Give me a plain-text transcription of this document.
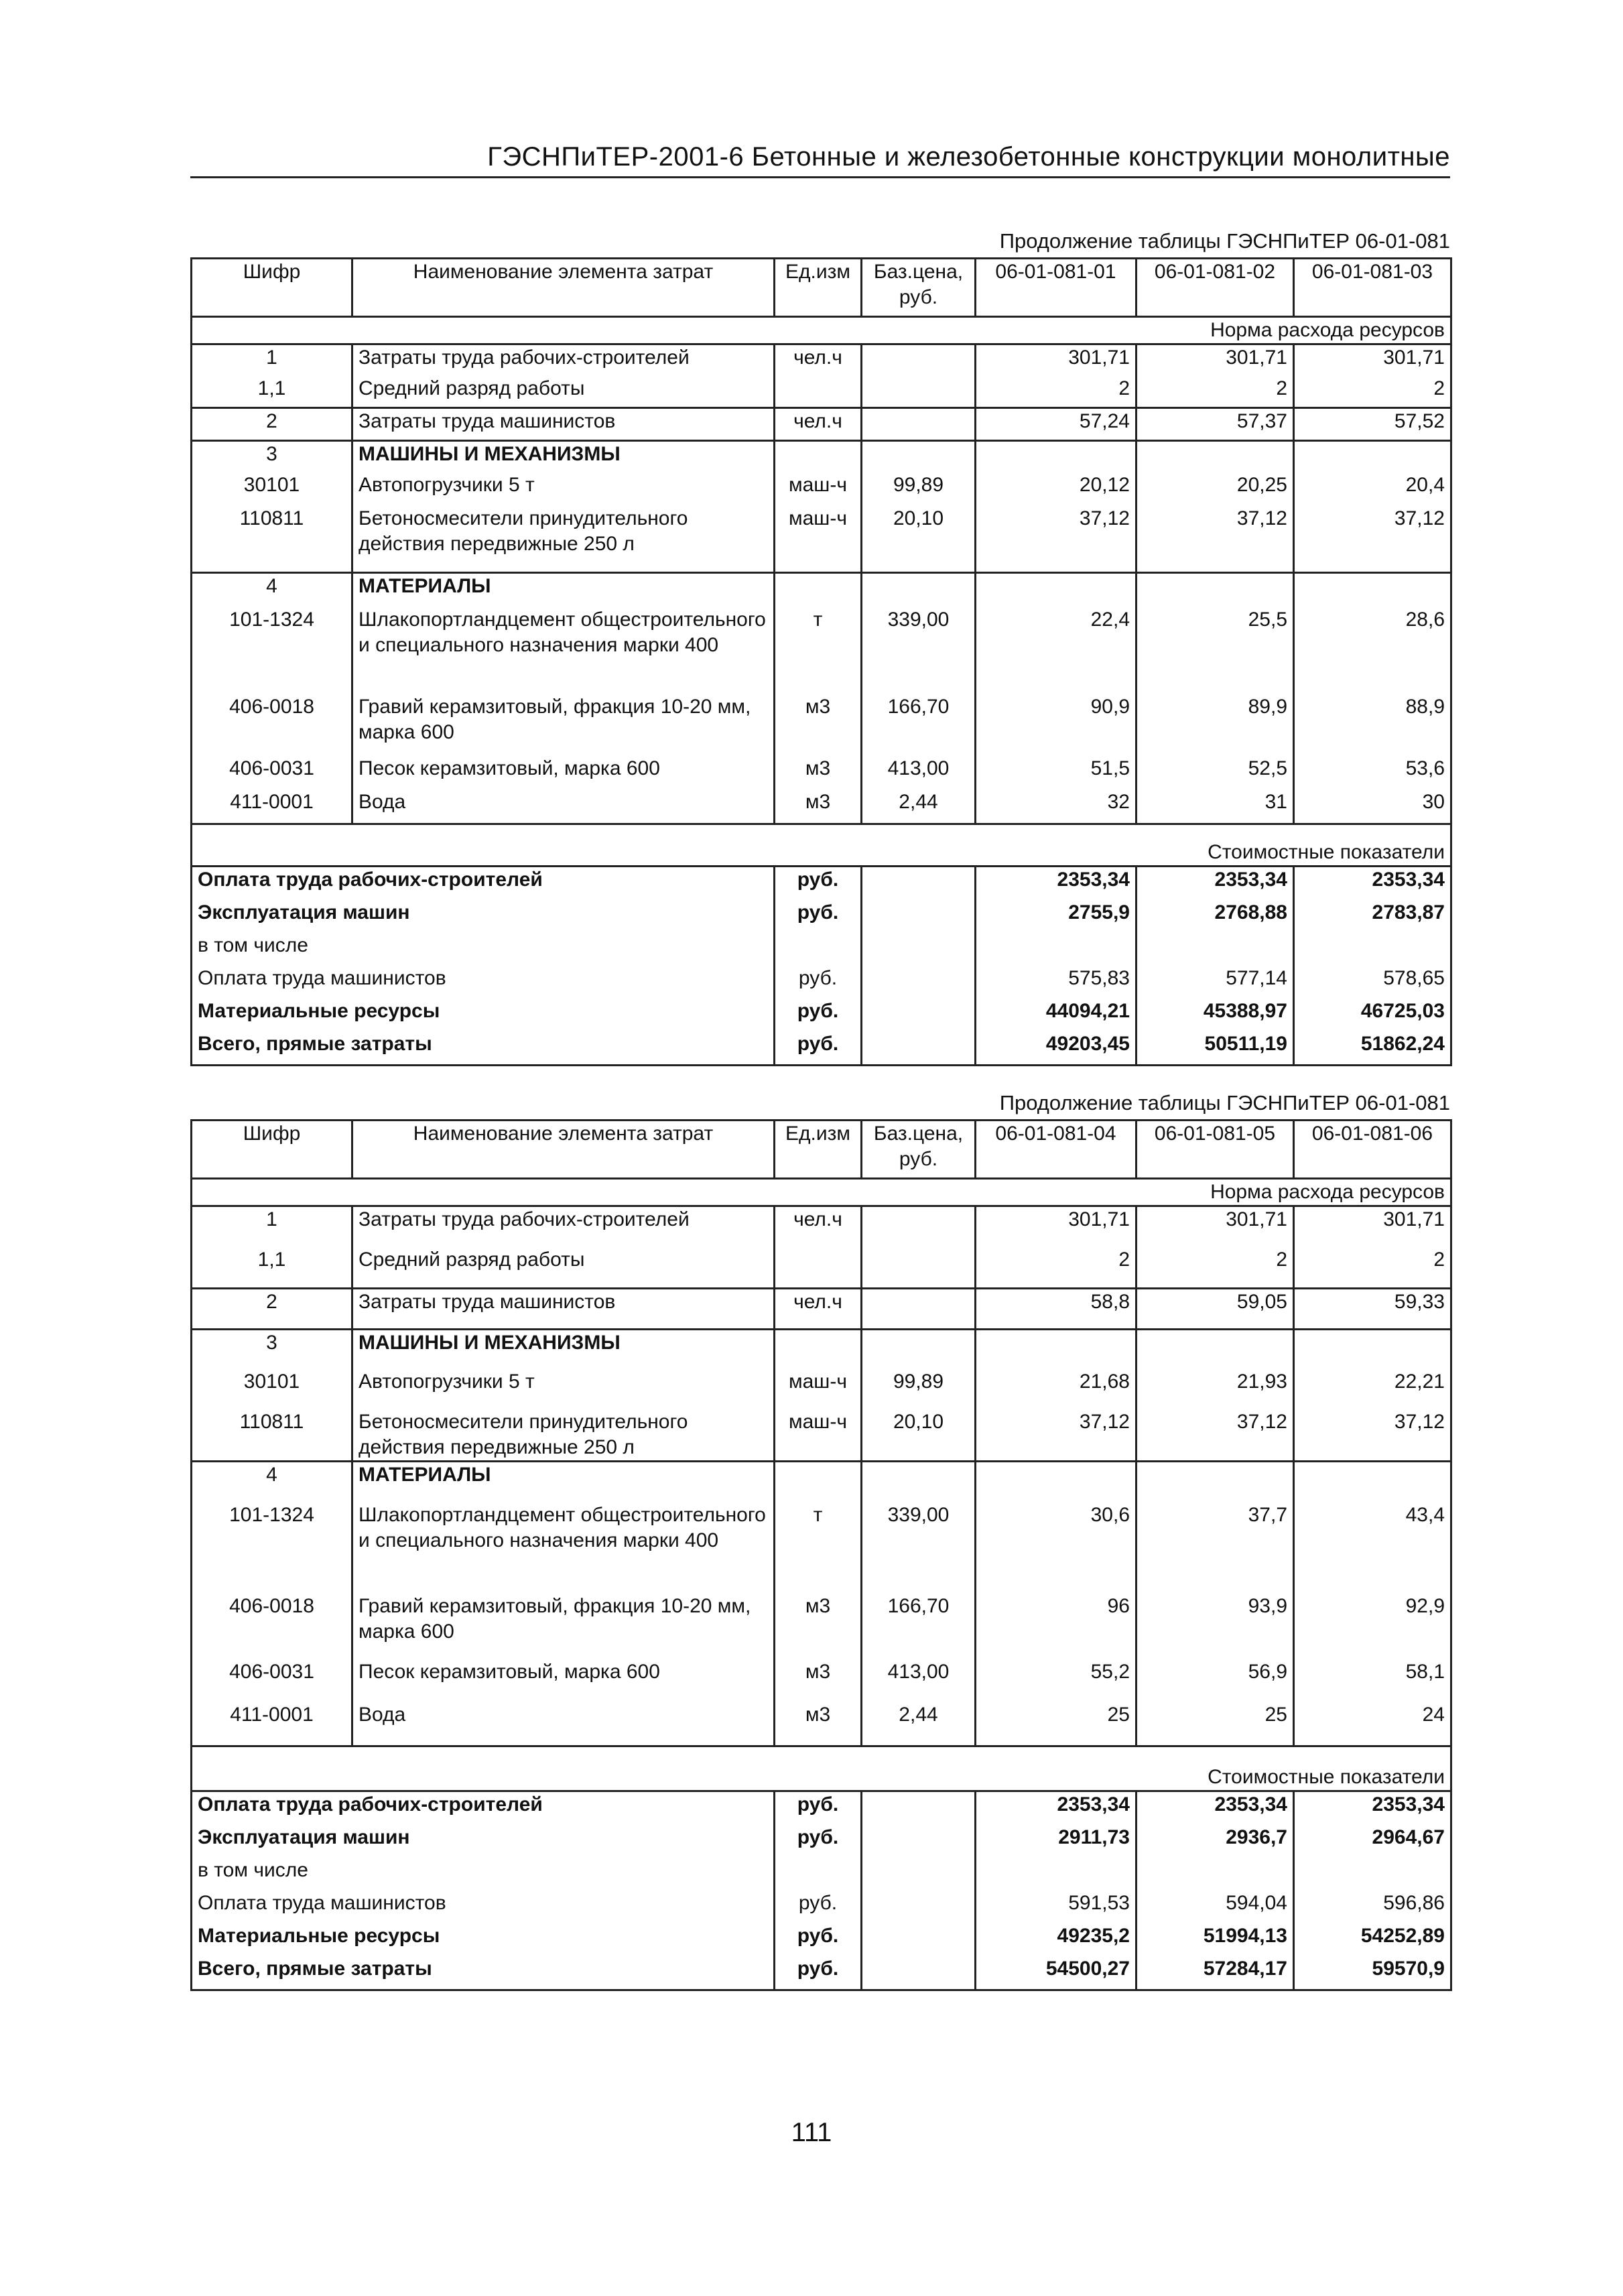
ГЭСНПиТЕР-2001-6 Бетонные и железобетонные конструкции монолитные
Продолжение таблицы ГЭСНПиТЕР 06-01-081
Шифр	Наименование элемента затрат	Ед.изм	Баз.цена, руб.	06-01-081-01	06-01-081-02	06-01-081-03
Норма расхода ресурсов						
1	Затраты труда рабочих-строителей	чел.ч		301,71	301,71	301,71
1,1	Средний разряд работы			2	2	2
2	Затраты труда машинистов	чел.ч		57,24	57,37	57,52
3	МАШИНЫ И МЕХАНИЗМЫ					
30101	Автопогрузчики 5 т	маш-ч	99,89	20,12	20,25	20,4
110811	Бетоносмесители принудительного действия передвижные 250 л	маш-ч	20,10	37,12	37,12	37,12
4	МАТЕРИАЛЫ					
101-1324	Шлакопортландцемент общестроительного и специального назначения марки 400	т	339,00	22,4	25,5	28,6
406-0018	Гравий керамзитовый, фракция 10-20 мм, марка 600	м3	166,70	90,9	89,9	88,9
406-0031	Песок керамзитовый, марка 600	м3	413,00	51,5	52,5	53,6
411-0001	Вода	м3	2,44	32	31	30
Стоимостные показатели						
Оплата труда рабочих-строителей		руб.		2353,34	2353,34	2353,34
Эксплуатация машин		руб.		2755,9	2768,88	2783,87
в том числе						
Оплата труда машинистов		руб.		575,83	577,14	578,65
Материальные ресурсы		руб.		44094,21	45388,97	46725,03
Всего, прямые затраты		руб.		49203,45	50511,19	51862,24
Продолжение таблицы ГЭСНПиТЕР 06-01-081
Шифр	Наименование элемента затрат	Ед.изм	Баз.цена, руб.	06-01-081-04	06-01-081-05	06-01-081-06
Норма расхода ресурсов						
1	Затраты труда рабочих-строителей	чел.ч		301,71	301,71	301,71
1,1	Средний разряд работы			2	2	2
2	Затраты труда машинистов	чел.ч		58,8	59,05	59,33
3	МАШИНЫ И МЕХАНИЗМЫ					
30101	Автопогрузчики 5 т	маш-ч	99,89	21,68	21,93	22,21
110811	Бетоносмесители принудительного действия передвижные 250 л	маш-ч	20,10	37,12	37,12	37,12
4	МАТЕРИАЛЫ					
101-1324	Шлакопортландцемент общестроительного и специального назначения марки 400	т	339,00	30,6	37,7	43,4
406-0018	Гравий керамзитовый, фракция 10-20 мм, марка 600	м3	166,70	96	93,9	92,9
406-0031	Песок керамзитовый, марка 600	м3	413,00	55,2	56,9	58,1
411-0001	Вода	м3	2,44	25	25	24
Стоимостные показатели						
Оплата труда рабочих-строителей		руб.		2353,34	2353,34	2353,34
Эксплуатация машин		руб.		2911,73	2936,7	2964,67
в том числе						
Оплата труда машинистов		руб.		591,53	594,04	596,86
Материальные ресурсы		руб.		49235,2	51994,13	54252,89
Всего, прямые затраты		руб.		54500,27	57284,17	59570,9
111
